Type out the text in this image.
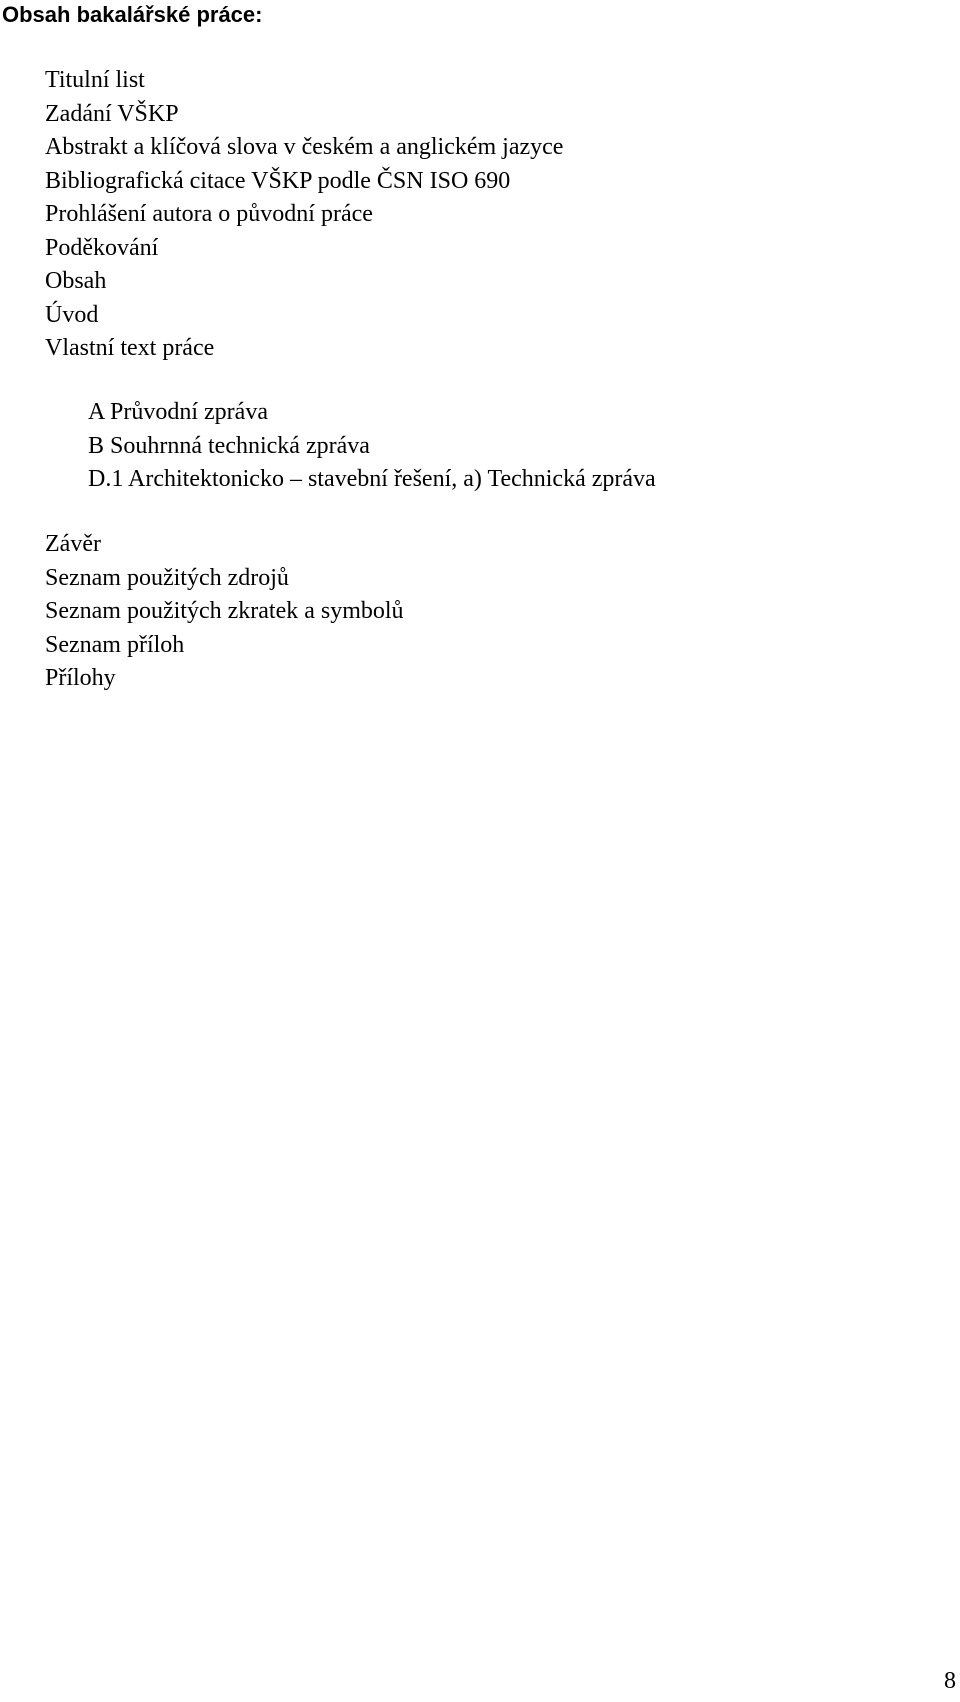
Obsah bakalářské práce:
Titulní list
Zadání VŠKP
Abstrakt a klíčová slova v českém a anglickém jazyce
Bibliografická citace VŠKP podle ČSN ISO 690
Prohlášení autora o původní práce
Poděkování
Obsah
Úvod
Vlastní text práce
A Průvodní zpráva
B Souhrnná technická zpráva
D.1 Architektonicko – stavební řešení, a) Technická zpráva
Závěr
Seznam použitých zdrojů
Seznam použitých zkratek a symbolů
Seznam příloh
Přílohy
8
